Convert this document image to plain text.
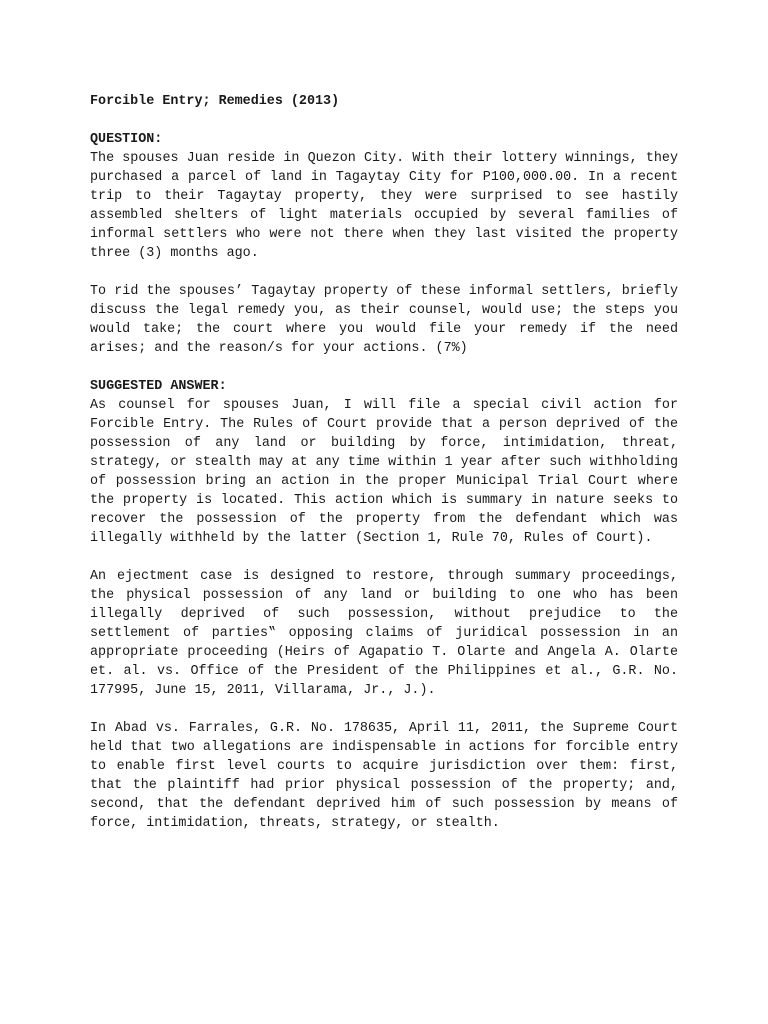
Forcible Entry; Remedies (2013)

QUESTION:

The spouses Juan reside in Quezon City. With their lottery winnings, they purchased a parcel of land in Tagaytay City for P100,000.00. In a recent trip to their Tagaytay property, they were surprised to see hastily assembled shelters of light materials occupied by several families of informal settlers who were not there when they last visited the property three (3) months ago.

To rid the spouses’ Tagaytay property of these informal settlers, briefly discuss the legal remedy you, as their counsel, would use; the steps you would take; the court where you would file your remedy if the need arises; and the reason/s for your actions. (7%)

SUGGESTED ANSWER:

As counsel for spouses Juan, I will file a special civil action for Forcible Entry. The Rules of Court provide that a person deprived of the possession of any land or building by force, intimidation, threat, strategy, or stealth may at any time within 1 year after such withholding of possession bring an action in the proper Municipal Trial Court where the property is located. This action which is summary in nature seeks to recover the possession of the property from the defendant which was illegally withheld by the latter (Section 1, Rule 70, Rules of Court).

An ejectment case is designed to restore, through summary proceedings, the physical possession of any land or building to one who has been illegally deprived of such possession, without prejudice to the settlement of parties‟ opposing claims of juridical possession in an appropriate proceeding (Heirs of Agapatio T. Olarte and Angela A. Olarte et. al. vs. Office of the President of the Philippines et al., G.R. No. 177995, June 15, 2011, Villarama, Jr., J.).

In Abad vs. Farrales, G.R. No. 178635, April 11, 2011, the Supreme Court held that two allegations are indispensable in actions for forcible entry to enable first level courts to acquire jurisdiction over them: first, that the plaintiff had prior physical possession of the property; and, second, that the defendant deprived him of such possession by means of force, intimidation, threats, strategy, or stealth.
